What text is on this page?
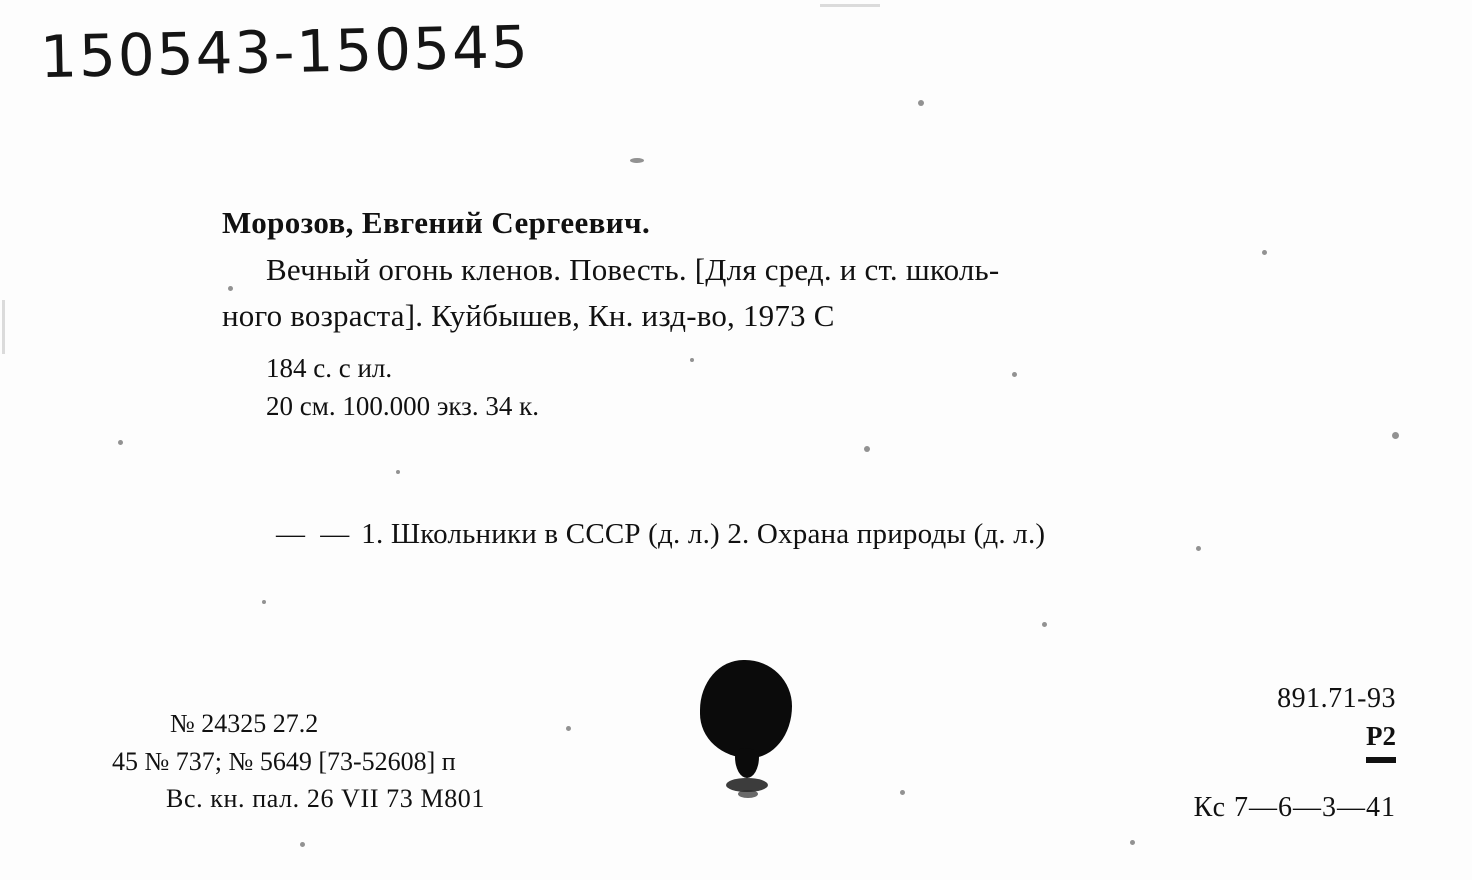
150543-150545
Морозов, Евгений Сергеевич.
Вечный огонь кленов. Повесть. [Для сред. и ст. школь-
ного возраста]. Куйбышев, Кн. изд-во, 1973 С
184 с. с ил.
20 см. 100.000 экз. 34 к.
— — 1. Школьники в СССР (д. л.) 2. Охрана природы (д. л.)
№ 24325 27.2
45 № 737; № 5649 [73-52608] п
Вс. кн. пал. 26 VII 73 М801
891.71-93
Р2
Кс 7—6—3—41
